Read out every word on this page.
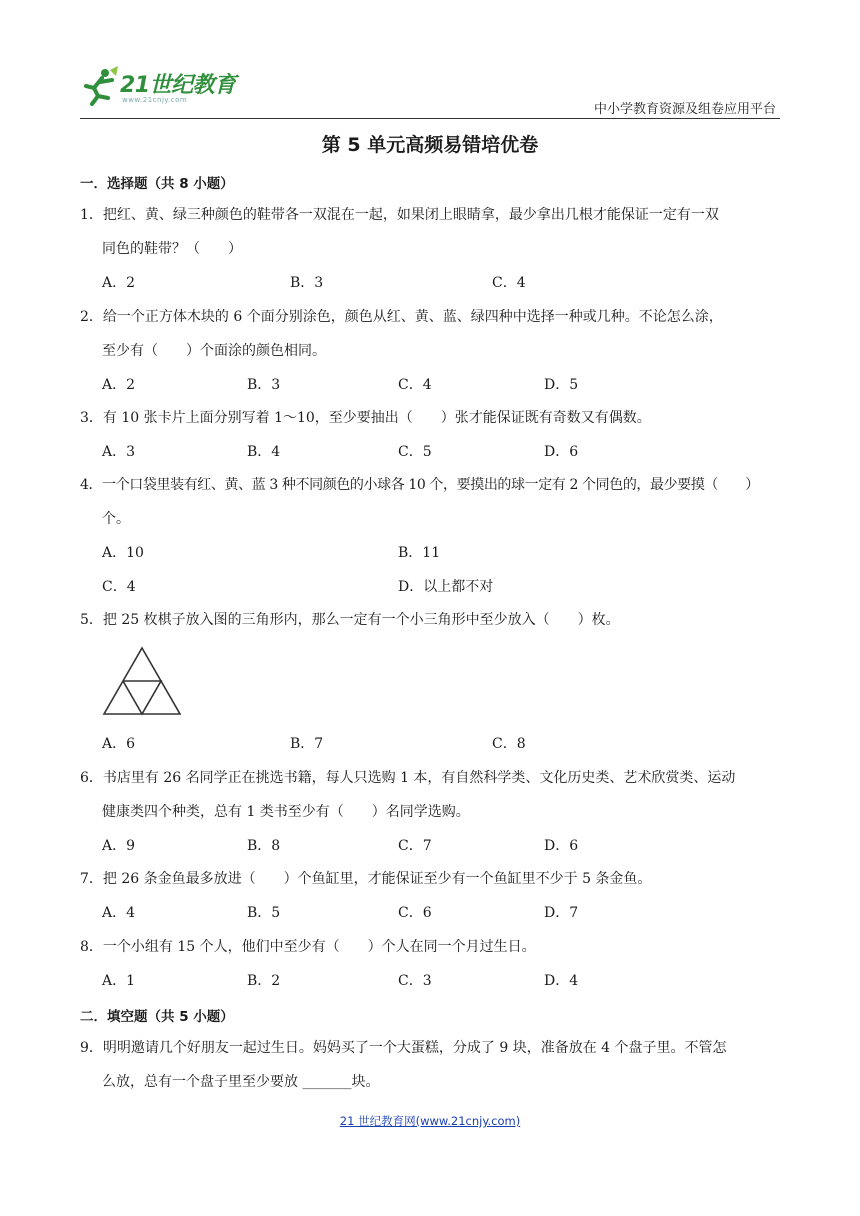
21世纪教育
www.21cnjy.com
中小学教育资源及组卷应用平台
第 5 单元高频易错培优卷
一．选择题（共 8 小题）
1．把红、黄、绿三种颜色的鞋带各一双混在一起，如果闭上眼睛拿，最少拿出几根才能保证一定有一双
同色的鞋带？（　　）
A．2	B．3	C．4
2．给一个正方体木块的 6 个面分别涂色，颜色从红、黄、蓝、绿四种中选择一种或几种。不论怎么涂，
至少有（　　）个面涂的颜色相同。
A．2	B．3	C．4	D．5
3．有 10 张卡片上面分别写着 1～10，至少要抽出（　　）张才能保证既有奇数又有偶数。
A．3	B．4	C．5	D．6
4．一个口袋里装有红、黄、蓝 3 种不同颜色的小球各 10 个，要摸出的球一定有 2 个同色的，最少要摸（　　）
个。
A．10	B．11
C．4	D．以上都不对
5．把 25 枚棋子放入图的三角形内，那么一定有一个小三角形中至少放入（　　）枚。
A．6	B．7	C．8
6．书店里有 26 名同学正在挑选书籍，每人只选购 1 本，有自然科学类、文化历史类、艺术欣赏类、运动
健康类四个种类，总有 1 类书至少有（　　）名同学选购。
A．9	B．8	C．7	D．6
7．把 26 条金鱼最多放进（　　）个鱼缸里，才能保证至少有一个鱼缸里不少于 5 条金鱼。
A．4	B．5	C．6	D．7
8．一个小组有 15 个人，他们中至少有（　　）个人在同一个月过生日。
A．1	B．2	C．3	D．4
二．填空题（共 5 小题）
9．明明邀请几个好朋友一起过生日。妈妈买了一个大蛋糕，分成了 9 块，准备放在 4 个盘子里。不管怎
么放，总有一个盘子里至少要放 _______块。
21 世纪教育网(www.21cnjy.com)
